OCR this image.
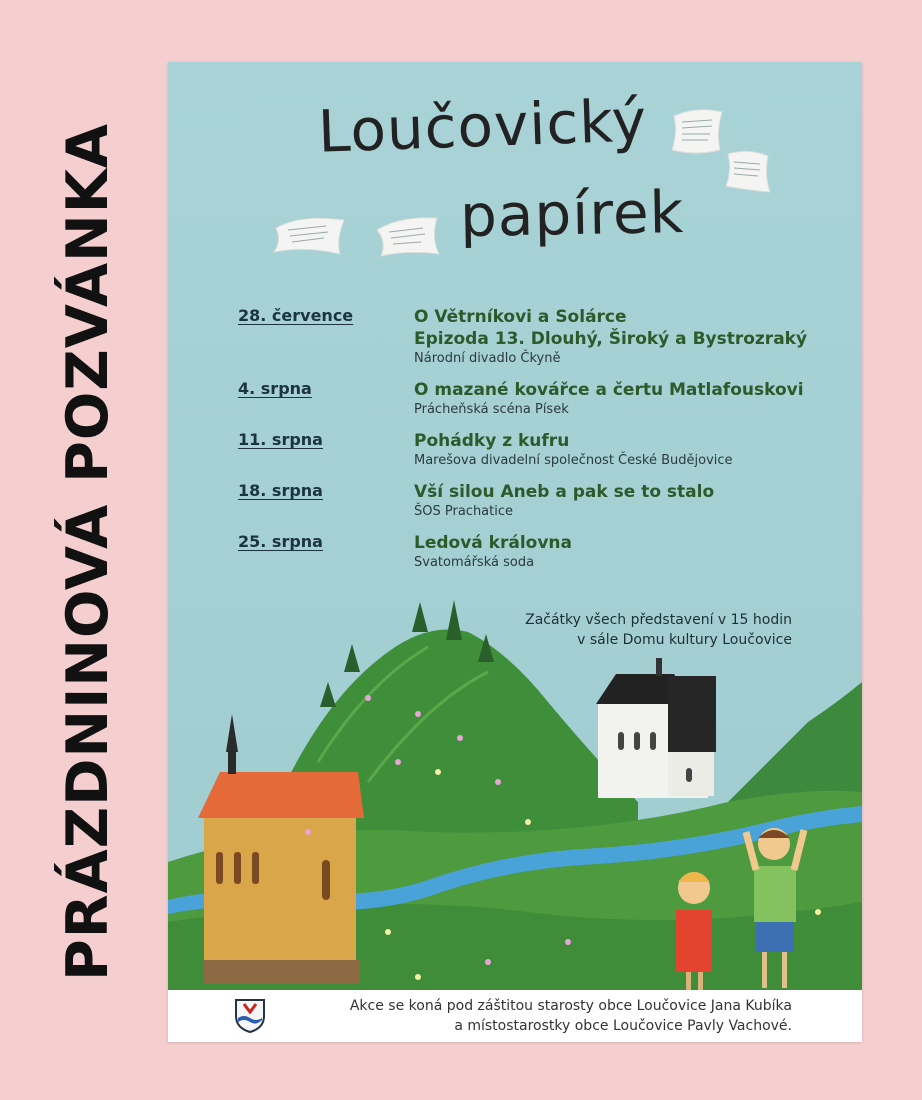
PRÁZDNINOVÁ POZVÁNKA	Loučovický
papírek
28. července	O Větrníkovi a Solárce
Epizoda 13. Dlouhý, Široký a Bystrozraký
Národní divadlo Čkyně
4. srpna	O mazané kovářce a čertu Matlafouskovi
Prácheňská scéna Písek
11. srpna	Pohádky z kufru
Marešova divadelní společnost České Budějovice
18. srpna	Vší silou Aneb a pak se to stalo
ŠOS Prachatice
25. srpna	Ledová královna
Svatomářská soda
Začátky všech představení v 15 hodin
v sále Domu kultury Loučovice
Akce se koná pod záštitou starosty obce Loučovice Jana Kubíka
a místostarostky obce Loučovice Pavly Vachové.
